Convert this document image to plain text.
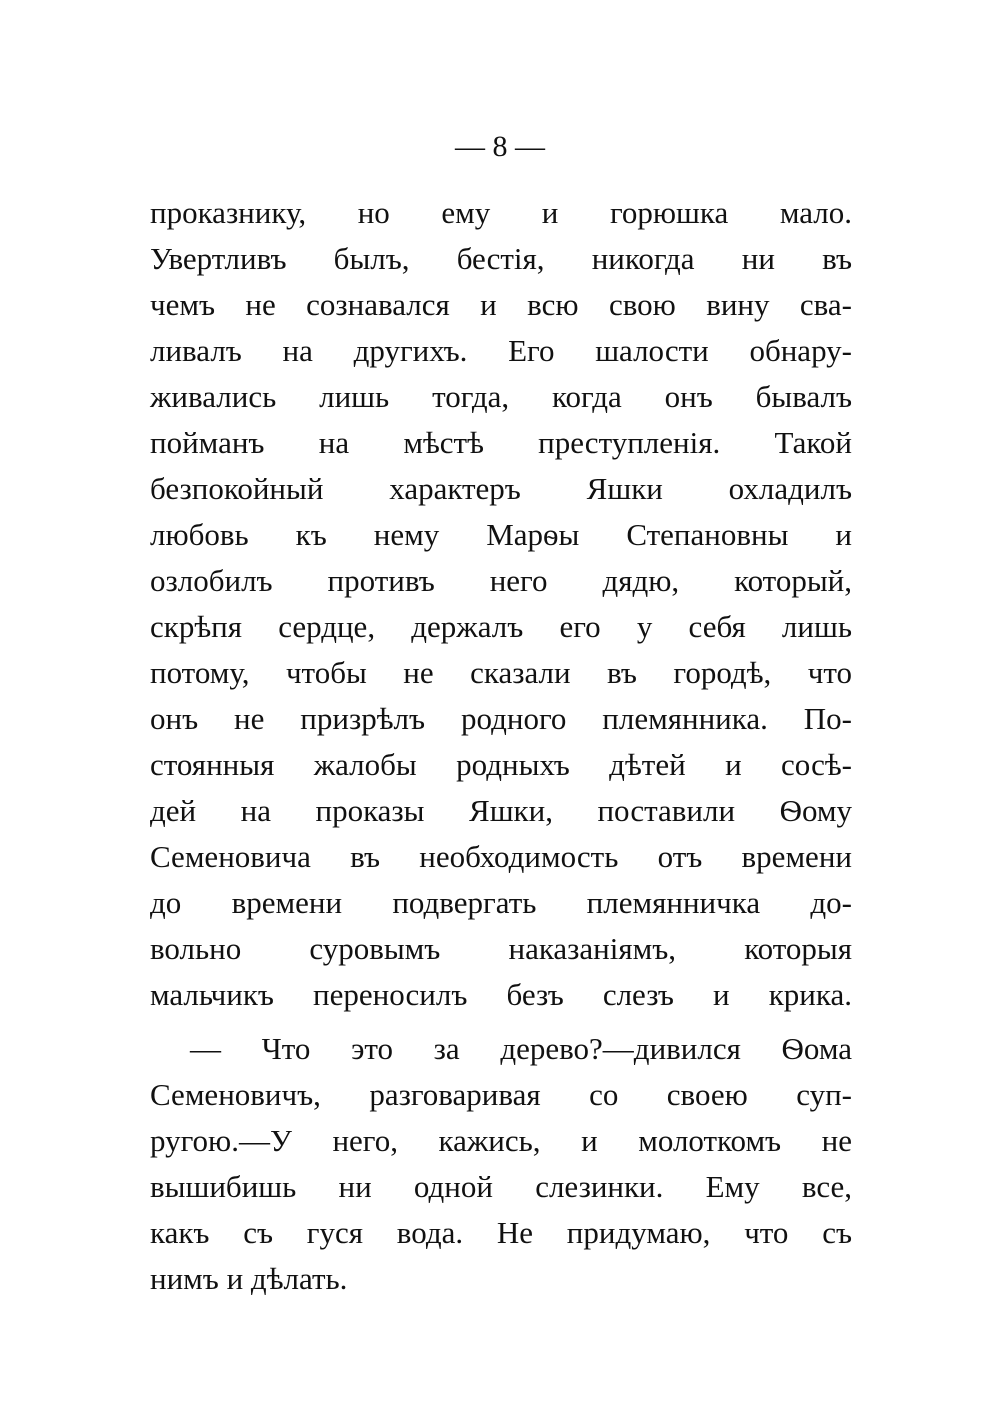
— 8 —
проказнику, но ему и горюшка мало.
Увертливъ былъ, бестія, никогда ни въ
чемъ не сознавался и всю свою вину сва-
ливалъ на другихъ. Его шалости обнару-
живались лишь тогда, когда онъ бывалъ
пойманъ на мѣстѣ преступленія. Такой
безпокойный характеръ Яшки охладилъ
любовь къ нему Марѳы Степановны и
озлобилъ противъ него дядю, который,
скрѣпя сердце, держалъ его у себя лишь
потому, чтобы не сказали въ городѣ, что
онъ не призрѣлъ родного племянника. По-
стоянныя жалобы родныхъ дѣтей и сосѣ-
дей на проказы Яшки, поставили Ѳому
Семеновича въ необходимость отъ времени
до времени подвергать племянничка до-
вольно суровымъ наказаніямъ, которыя
мальчикъ переносилъ безъ слезъ и крика.
— Что это за дерево?—дивился Ѳома
Семеновичъ, разговаривая со своею суп-
ругою.—У него, кажись, и молоткомъ не
вышибишь ни одной слезинки. Ему все,
какъ съ гуся вода. Не придумаю, что съ
нимъ и дѣлать.
